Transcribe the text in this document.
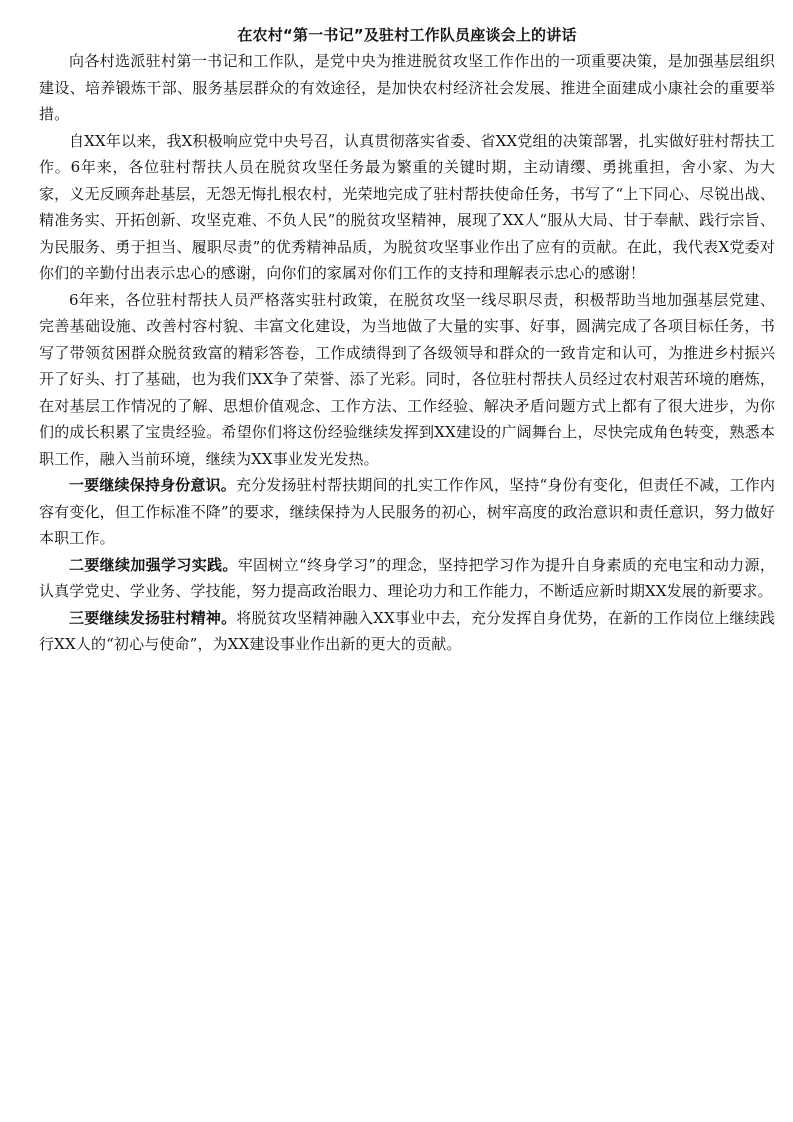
在农村“第一书记”及驻村工作队员座谈会上的讲话

向各村选派驻村第一书记和工作队，是党中央为推进脱贫攻坚工作作出的一项重要决策，是加强基层组织建设、培养锻炼干部、服务基层群众的有效途径，是加快农村经济社会发展、推进全面建成小康社会的重要举措。

自XX年以来，我X积极响应党中央号召，认真贯彻落实省委、省XX党组的决策部署，扎实做好驻村帮扶工作。6年来，各位驻村帮扶人员在脱贫攻坚任务最为繁重的关键时期，主动请缨、勇挑重担，舍小家、为大家，义无反顾奔赴基层，无怨无悔扎根农村，光荣地完成了驻村帮扶使命任务，书写了“上下同心、尽锐出战、精准务实、开拓创新、攻坚克难、不负人民”的脱贫攻坚精神，展现了XX人“服从大局、甘于奉献、践行宗旨、为民服务、勇于担当、履职尽责”的优秀精神品质，为脱贫攻坚事业作出了应有的贡献。在此，我代表X党委对你们的辛勤付出表示忠心的感谢，向你们的家属对你们工作的支持和理解表示忠心的感谢！

6年来，各位驻村帮扶人员严格落实驻村政策，在脱贫攻坚一线尽职尽责，积极帮助当地加强基层党建、完善基础设施、改善村容村貌、丰富文化建设，为当地做了大量的实事、好事，圆满完成了各项目标任务，书写了带领贫困群众脱贫致富的精彩答卷，工作成绩得到了各级领导和群众的一致肯定和认可，为推进乡村振兴开了好头、打了基础，也为我们XX争了荣誉、添了光彩。同时，各位驻村帮扶人员经过农村艰苦环境的磨炼，在对基层工作情况的了解、思想价值观念、工作方法、工作经验、解决矛盾问题方式上都有了很大进步，为你们的成长积累了宝贵经验。希望你们将这份经验继续发挥到XX建设的广阔舞台上，尽快完成角色转变，熟悉本职工作，融入当前环境，继续为XX事业发光发热。

一要继续保持身份意识。充分发扬驻村帮扶期间的扎实工作作风，坚持“身份有变化，但责任不减，工作内容有变化，但工作标准不降”的要求，继续保持为人民服务的初心，树牢高度的政治意识和责任意识，努力做好本职工作。

二要继续加强学习实践。牢固树立“终身学习”的理念，坚持把学习作为提升自身素质的充电宝和动力源，认真学党史、学业务、学技能，努力提高政治眼力、理论功力和工作能力，不断适应新时期XX发展的新要求。

三要继续发扬驻村精神。将脱贫攻坚精神融入XX事业中去，充分发挥自身优势，在新的工作岗位上继续践行XX人的“初心与使命”，为XX建设事业作出新的更大的贡献。
